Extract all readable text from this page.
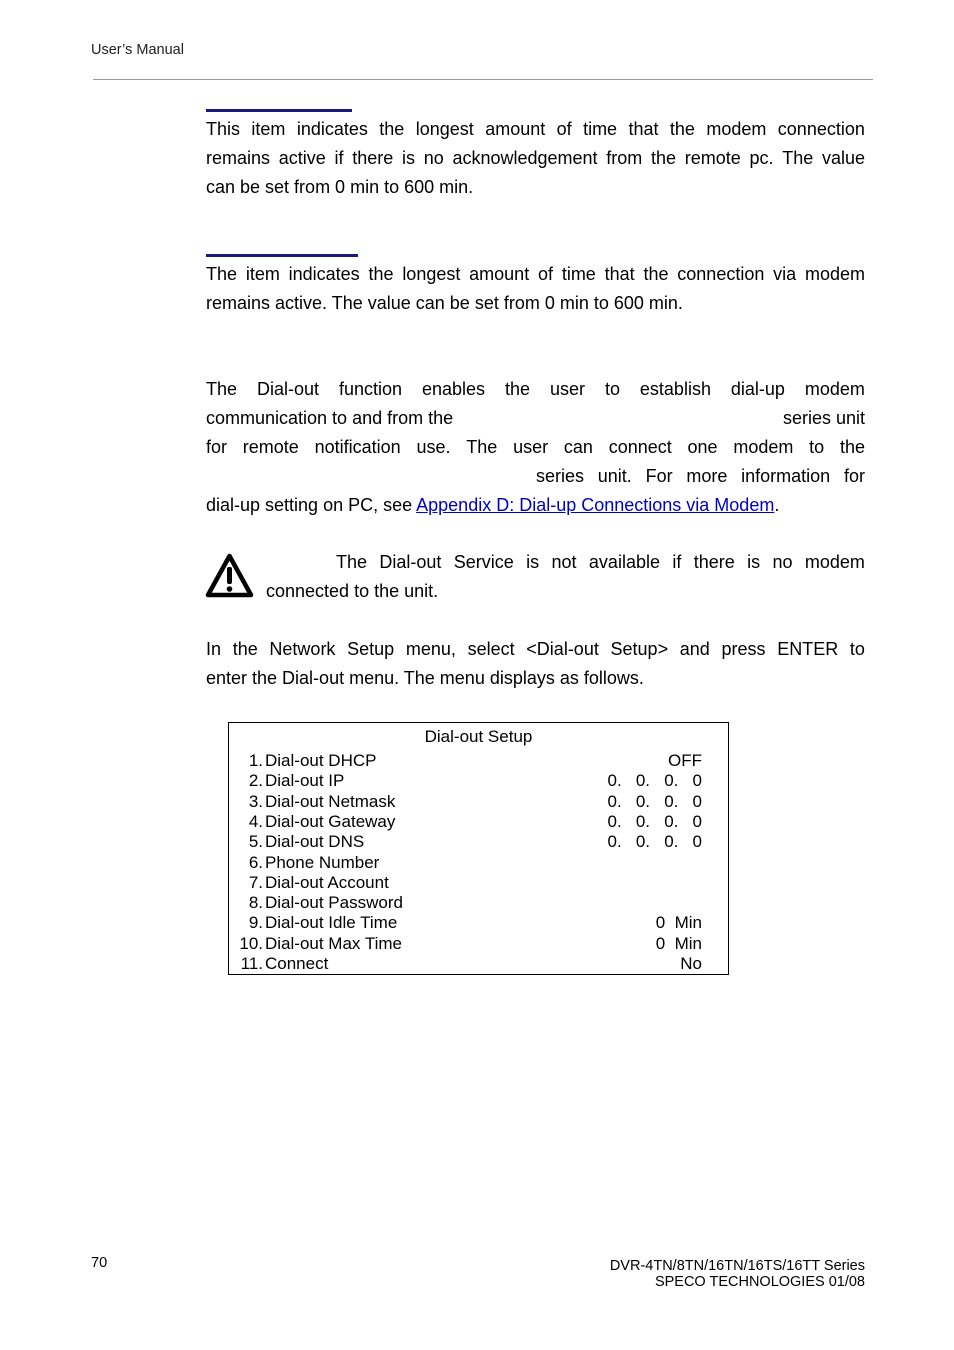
User’s Manual
This item indicates the longest amount of time that the modem connection
remains active if there is no acknowledgement from the remote pc. The value
can be set from 0 min to 600 min.
The item indicates the longest amount of time that the connection via modem
remains active. The value can be set from 0 min to 600 min.
The Dial-out function enables the user to establish dial-up modem
communication to and from the	series unit
for remote notification use. The user can connect one modem to the
series unit. For more information for
dial-up setting on PC, see Appendix D: Dial-up Connections via Modem.
The Dial-out Service is not available if there is no modem
connected to the unit.
In the Network Setup menu, select <Dial-out Setup> and press ENTER to
enter the Dial-out menu. The menu displays as follows.
Dial-out Setup
1. Dial-out DHCP	OFF
2. Dial-out IP	0.   0.   0.   0
3. Dial-out Netmask	0.   0.   0.   0
4. Dial-out Gateway	0.   0.   0.   0
5. Dial-out DNS	0.   0.   0.   0
6. Phone Number
7. Dial-out Account
8. Dial-out Password
9. Dial-out Idle Time	0  Min
10. Dial-out Max Time	0  Min
11. Connect	No
70	DVR-4TN/8TN/16TN/16TS/16TT Series
SPECO TECHNOLOGIES 01/08
